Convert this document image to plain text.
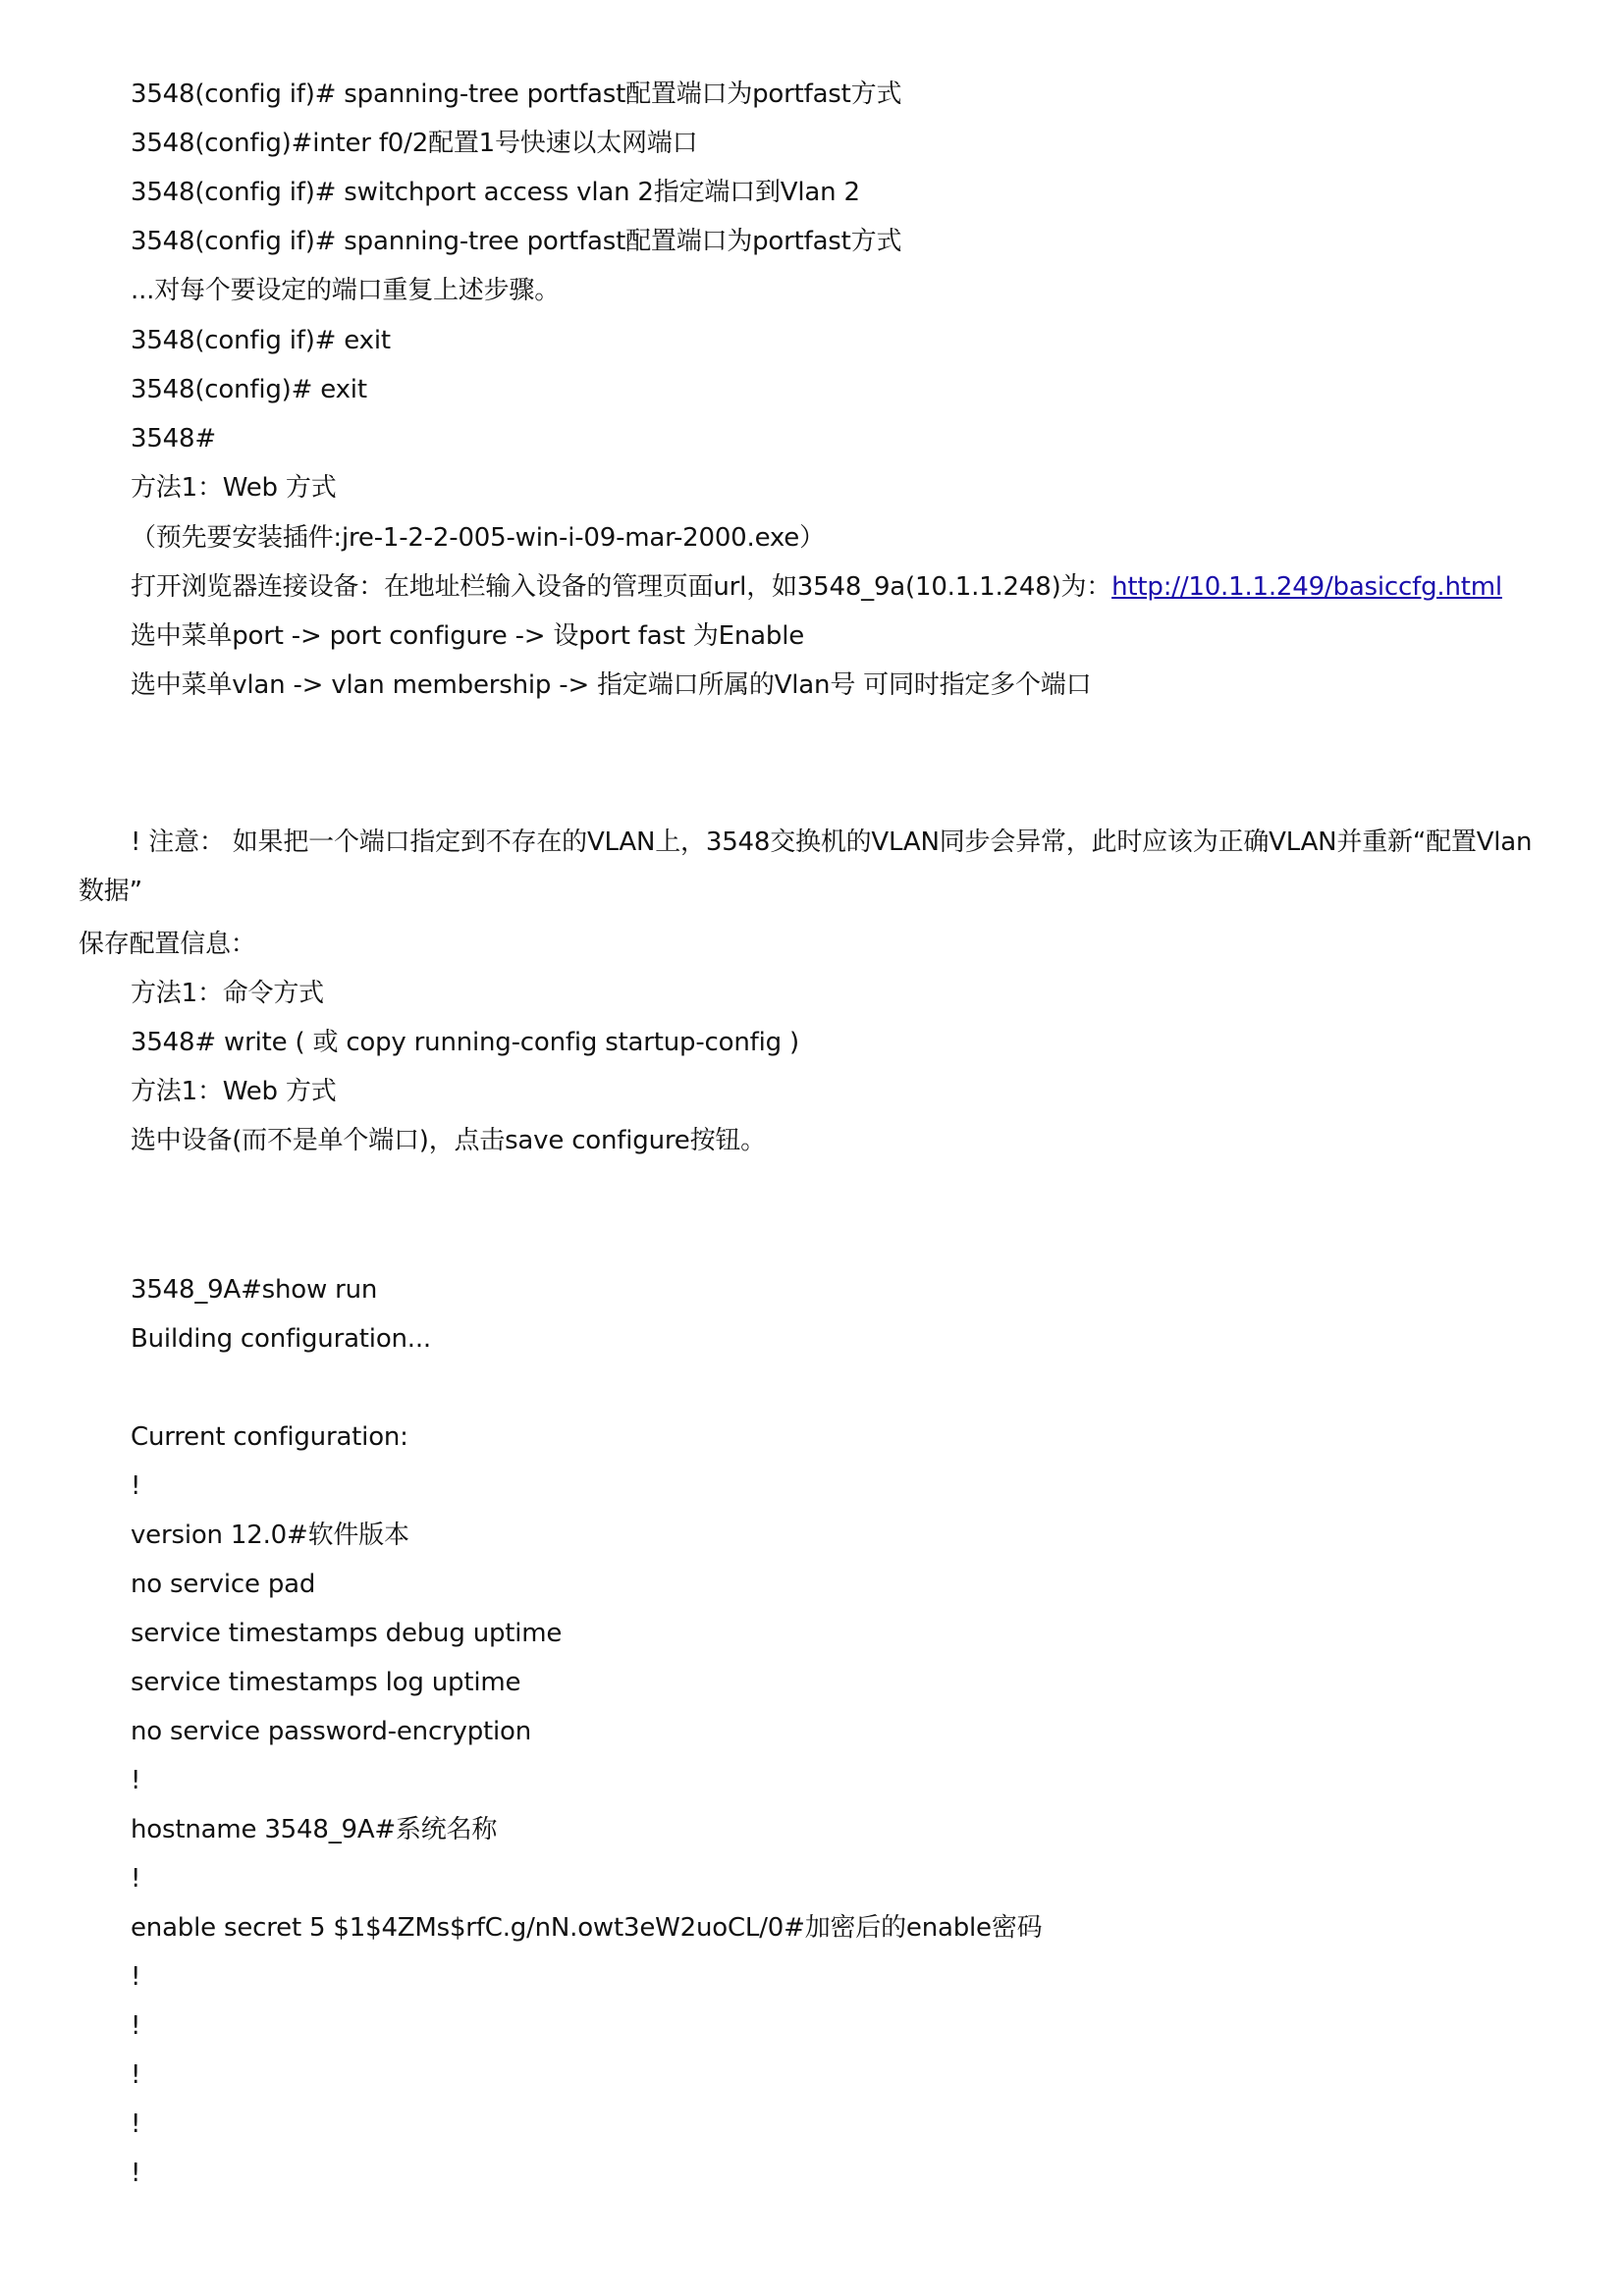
3548(config if)# spanning-tree portfast配置端口为portfast方式
3548(config)#inter f0/2配置1号快速以太网端口
3548(config if)# switchport access vlan 2指定端口到Vlan 2
3548(config if)# spanning-tree portfast配置端口为portfast方式
...对每个要设定的端口重复上述步骤。
3548(config if)# exit
3548(config)# exit
3548#
方法1：Web 方式
（预先要安装插件:jre-1-2-2-005-win-i-09-mar-2000.exe）
打开浏览器连接设备：在地址栏输入设备的管理页面url，如3548_9a(10.1.1.248)为：http://10.1.1.249/basiccfg.html
选中菜单port -> port configure -> 设port fast 为Enable
选中菜单vlan -> vlan membership -> 指定端口所属的Vlan号 可同时指定多个端口
! 注意： 如果把一个端口指定到不存在的VLAN上，3548交换机的VLAN同步会异常，此时应该为正确VLAN并重新“配置Vlan数据”
保存配置信息：
方法1：命令方式
3548# write ( 或 copy running-config startup-config )
方法1：Web 方式
选中设备(而不是单个端口)，点击save configure按钮。
3548_9A#show run
Building configuration...
Current configuration:
!
version 12.0#软件版本
no service pad
service timestamps debug uptime
service timestamps log uptime
no service password-encryption
!
hostname 3548_9A#系统名称
!
enable secret 5 $1$4ZMs$rfC.g/nN.owt3eW2uoCL/0#加密后的enable密码
!
!
!
!
!
